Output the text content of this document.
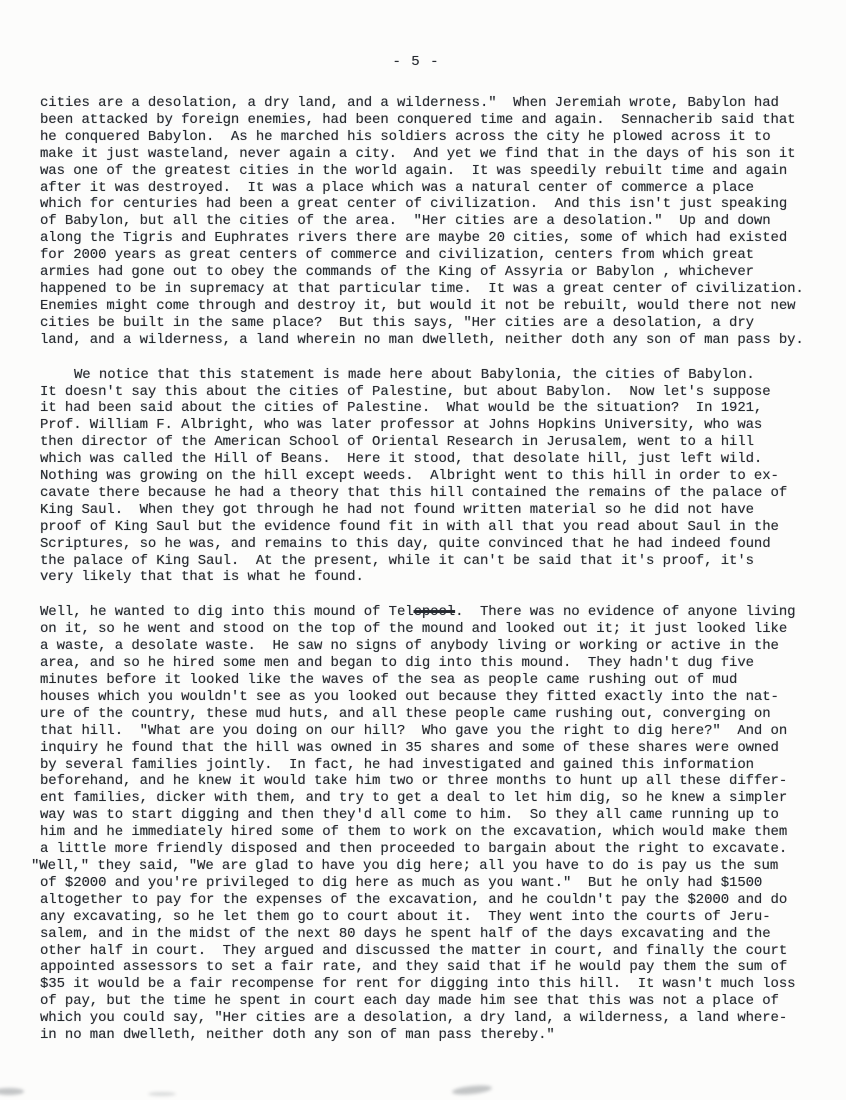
- 5 -
cities are a desolation, a dry land, and a wilderness."  When Jeremiah wrote, Babylon had
been attacked by foreign enemies, had been conquered time and again.  Sennacherib said that
he conquered Babylon.  As he marched his soldiers across the city he plowed across it to
make it just wasteland, never again a city.  And yet we find that in the days of his son it
was one of the greatest cities in the world again.  It was speedily rebuilt time and again
after it was destroyed.  It was a place which was a natural center of commerce a place
which for centuries had been a great center of civilization.  And this isn't just speaking
of Babylon, but all the cities of the area.  "Her cities are a desolation."  Up and down
along the Tigris and Euphrates rivers there are maybe 20 cities, some of which had existed
for 2000 years as great centers of commerce and civilization, centers from which great
armies had gone out to obey the commands of the King of Assyria or Babylon , whichever
happened to be in supremacy at that particular time.  It was a great center of civilization.
Enemies might come through and destroy it, but would it not be rebuilt, would there not new
cities be built in the same place?  But this says, "Her cities are a desolation, a dry
land, and a wilderness, a land wherein no man dwelleth, neither doth any son of man pass by.
We notice that this statement is made here about Babylonia, the cities of Babylon.
It doesn't say this about the cities of Palestine, but about Babylon.  Now let's suppose
it had been said about the cities of Palestine.  What would be the situation?  In 1921,
Prof. William F. Albright, who was later professor at Johns Hopkins University, who was
then director of the American School of Oriental Research in Jerusalem, went to a hill
which was called the Hill of Beans.  Here it stood, that desolate hill, just left wild.
Nothing was growing on the hill except weeds.  Albright went to this hill in order to ex-
cavate there because he had a theory that this hill contained the remains of the palace of
King Saul.  When they got through he had not found written material so he did not have
proof of King Saul but the evidence found fit in with all that you read about Saul in the
Scriptures, so he was, and remains to this day, quite convinced that he had indeed found
the palace of King Saul.  At the present, while it can't be said that it's proof, it's
very likely that that is what he found.
Well, he wanted to dig into this mound of Telepool.  There was no evidence of anyone living
on it, so he went and stood on the top of the mound and looked out it; it just looked like
a waste, a desolate waste.  He saw no signs of anybody living or working or active in the
area, and so he hired some men and began to dig into this mound.  They hadn't dug five
minutes before it looked like the waves of the sea as people came rushing out of mud
houses which you wouldn't see as you looked out because they fitted exactly into the nat-
ure of the country, these mud huts, and all these people came rushing out, converging on
that hill.  "What are you doing on our hill?  Who gave you the right to dig here?"  And on
inquiry he found that the hill was owned in 35 shares and some of these shares were owned
by several families jointly.  In fact, he had investigated and gained this information
beforehand, and he knew it would take him two or three months to hunt up all these differ-
ent families, dicker with them, and try to get a deal to let him dig, so he knew a simpler
way was to start digging and then they'd all come to him.  So they all came running up to
him and he immediately hired some of them to work on the excavation, which would make them
a little more friendly disposed and then proceeded to bargain about the right to excavate.
"Well," they said, "We are glad to have you dig here; all you have to do is pay us the sum
of $2000 and you're privileged to dig here as much as you want."  But he only had $1500
altogether to pay for the expenses of the excavation, and he couldn't pay the $2000 and do
any excavating, so he let them go to court about it.  They went into the courts of Jeru-
salem, and in the midst of the next 80 days he spent half of the days excavating and the
other half in court.  They argued and discussed the matter in court, and finally the court
appointed assessors to set a fair rate, and they said that if he would pay them the sum of
$35 it would be a fair recompense for rent for digging into this hill.  It wasn't much loss
of pay, but the time he spent in court each day made him see that this was not a place of
which you could say, "Her cities are a desolation, a dry land, a wilderness, a land where-
in no man dwelleth, neither doth any son of man pass thereby."
